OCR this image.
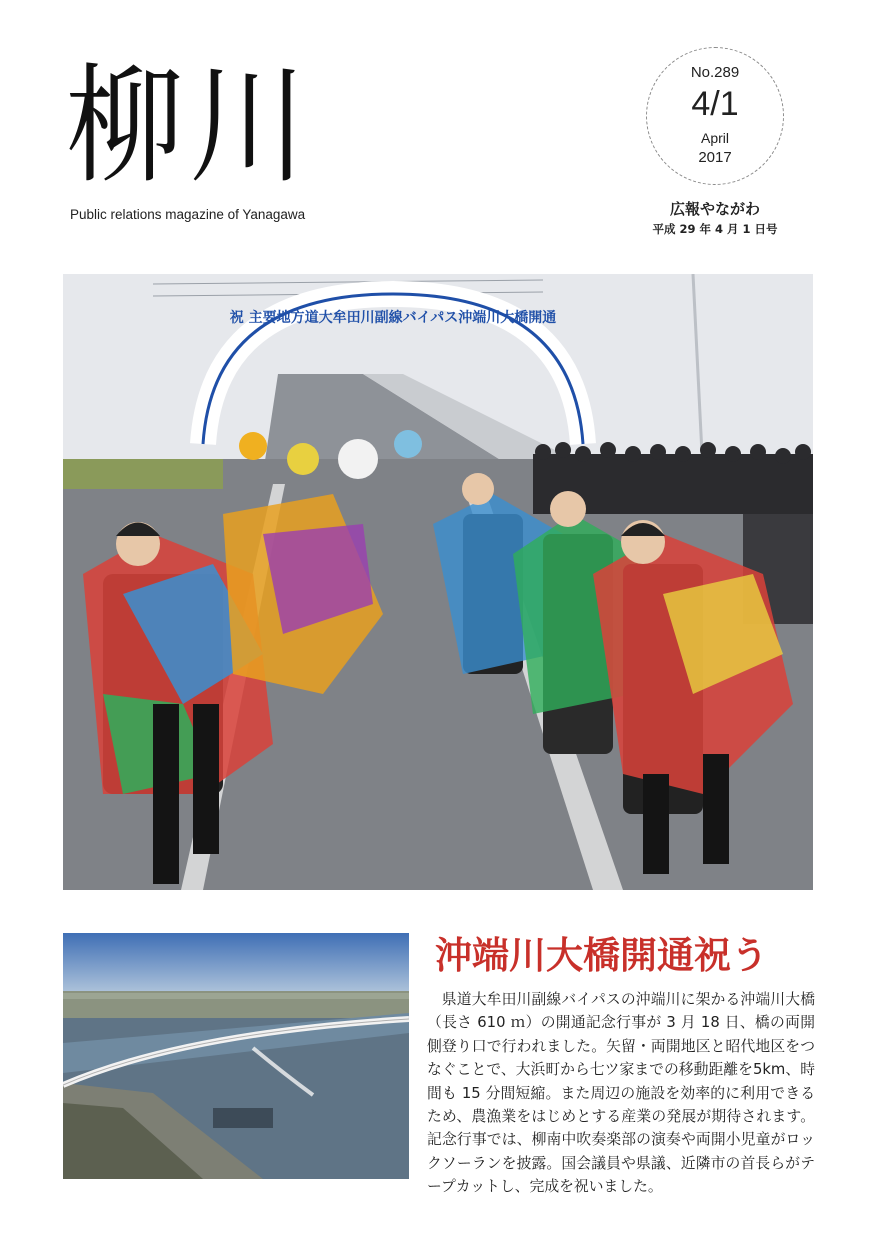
柳川
Public relations magazine of Yanagawa
No.289
4/1
April
2017
広報やながわ
平成 29 年 4 月 1 日号
祝 主要地方道大牟田川副線バイパス沖端川大橋開通
沖端川大橋開通祝う

県道大牟田川副線バイパスの沖端川に架かる沖端川大橋（長さ 610 ｍ）の開通記念行事が 3 月 18 日、橋の両開側登り口で行われました。矢留・両開地区と昭代地区をつなぐことで、大浜町から七ツ家までの移動距離を5km、時間も 15 分間短縮。また周辺の施設を効率的に利用できるため、農漁業をはじめとする産業の発展が期待されます。記念行事では、柳南中吹奏楽部の演奏や両開小児童がロックソーランを披露。国会議員や県議、近隣市の首長らがテープカットし、完成を祝いました。
